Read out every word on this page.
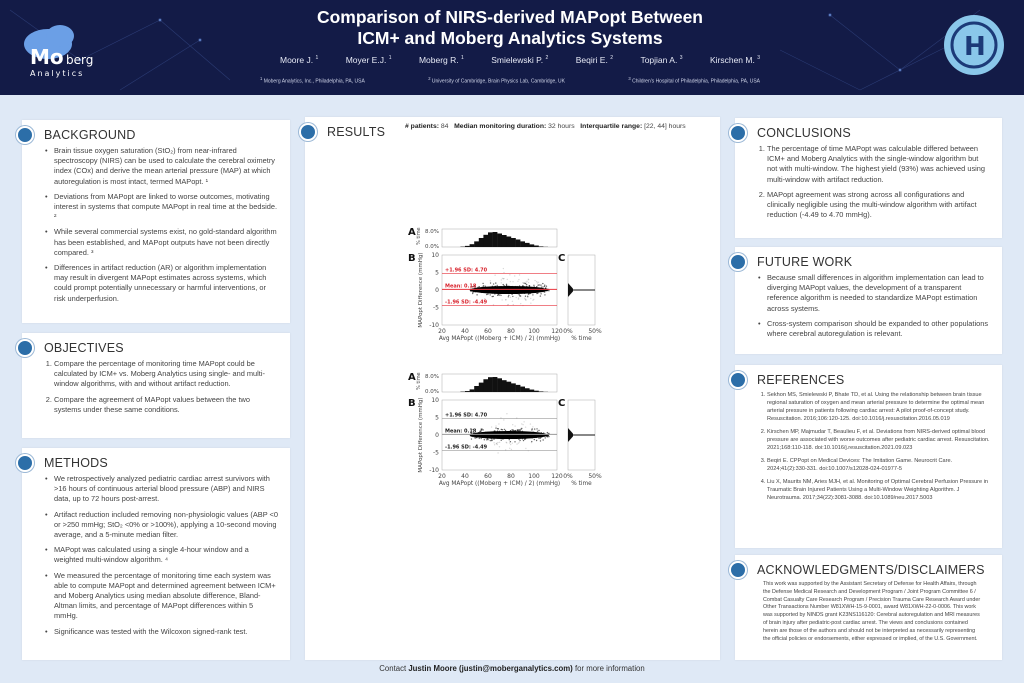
Mo berg
Analytics
H
Comparison of NIRS-derived MAPopt Between
ICM+ and Moberg Analytics Systems
Moore J. $^1$	Moyer E.J. $^1$	Moberg R. $^1$	Smielewski P. $^2$	Beqiri E. $^2$	Topjian A. $^3$	Kirschen M. $^3$
$^1$ Moberg Analytics, Inc., Philadelphia, PA, USA
$^2$ University of Cambridge, Brain Physics Lab, Cambridge, UK
$^3$ Children's Hospital of Philadelphia, Philadelphia, PA, USA
BACKGROUND
• Brain tissue oxygen saturation (StO₂) from near-infrared spectroscopy (NIRS) can be used to calculate the cerebral oximetry index (COx) and derive the mean arterial pressure (MAP) at which autoregulation is most intact, termed MAPopt. ¹
• Deviations from MAPopt are linked to worse outcomes, motivating interest in systems that compute MAPopt in real time at the bedside. ²
• While several commercial systems exist, no gold-standard algorithm has been established, and MAPopt outputs have not been directly compared. ³
• Differences in artifact reduction (AR) or algorithm implementation may result in divergent MAPopt estimates across systems, which could prompt potentially unnecessary or harmful interventions, or risk underperfusion.
OBJECTIVES
1. Compare the percentage of monitoring time MAPopt could be calculated by ICM+ vs. Moberg Analytics using single- and multi-window algorithms, with and without artifact reduction.
2. Compare the agreement of MAPopt values between the two systems under these same conditions.
METHODS
• We retrospectively analyzed pediatric cardiac arrest survivors with >16 hours of continuous arterial blood pressure (ABP) and NIRS data, up to 72 hours post-arrest.
• Artifact reduction included removing non-physiologic values (ABP <0 or >250 mmHg; StO₂ <0% or >100%), applying a 10-second moving average, and a 5-minute median filter.
• MAPopt was calculated using a single 4-hour window and a weighted multi-window algorithm. ⁴
• We measured the percentage of monitoring time each system was able to compute MAPopt and determined agreement between ICM+ and Moberg Analytics using median absolute difference, Bland-Altman limits, and percentage of MAPopt differences within 5 mmHg.
• Significance was tested with the Wilcoxon signed-rank test.
RESULTS	# patients: 84 Median monitoring duration: 32 hours Interquartile range: [22, 44] hours
A
B	C
0.0%
8.0%
% time
+1.96 SD: 4.70
Mean: 0.18
-1.96 SD: -4.49
20	40	60	80 100 120
-10
-5
0
5
10
Avg MAPopt ((Moberg + ICM) / 2) (mmHg)
MAPopt Difference (mmHg)
0%	50%
% time
A
B	C
0.0%
8.0%
% time
+1.96 SD: 4.70
Mean: 0.18
-1.96 SD: -4.49
20	40	60	80 100 120
-10
-5
0
5
10
Avg MAPopt ((Moberg + ICM) / 2) (mmHg)
MAPopt Difference (mmHg)
0%	50%
% time
CONCLUSIONS
1. The percentage of time MAPopt was calculable differed between ICM+ and Moberg Analytics with the single-window algorithm but not with multi-window. The highest yield (93%) was achieved using multi-window with artifact reduction.
2. MAPopt agreement was strong across all configurations and clinically negligible using the multi-window algorithm with artifact reduction (-4.49 to 4.70 mmHg).
FUTURE WORK
• Because small differences in algorithm implementation can lead to diverging MAPopt values, the development of a transparent reference algorithm is needed to standardize MAPopt estimation across systems.
• Cross-system comparison should be expanded to other populations where cerebral autoregulation is relevant.
REFERENCES
1. Sekhon MS, Smielewski P, Bhate TD, et al. Using the relationship between brain tissue regional saturation of oxygen and mean arterial pressure to determine the optimal mean arterial pressure in patients following cardiac arrest: A pilot proof-of-concept study. Resuscitation. 2016;106:120-125. doi:10.1016/j.resuscitation.2016.05.019
2. Kirschen MP, Majmudar T, Beaulieu F, et al. Deviations from NIRS-derived optimal blood pressure are associated with worse outcomes after pediatric cardiac arrest. Resuscitation. 2021;168:110-118. doi:10.1016/j.resuscitation.2021.09.023
3. Beqiri E. CPPopt on Medical Devices: The Imitation Game. Neurocrit Care. 2024;41(2):330-331. doi:10.1007/s12028-024-01977-5
4. Liu X, Maurits NM, Aries MJH, et al. Monitoring of Optimal Cerebral Perfusion Pressure in Traumatic Brain Injured Patients Using a Multi-Window Weighting Algorithm. J Neurotrauma. 2017;34(22):3081-3088. doi:10.1089/neu.2017.5003
ACKNOWLEDGMENTS/DISCLAIMERS
This work was supported by the Assistant Secretary of Defense for Health Affairs, through the Defense Medical Research and Development Program / Joint Program Committee 6 / Combat Casualty Care Research Program / Precision Trauma Care Research Award under Other Transactions Number W81XWH-15-9-0001, award W81XWH-22-0-0006. This work was supported by NINDS grant K23NS116120: Cerebral autoregulation and MRI measures of brain injury after pediatric-post cardiac arrest. The views and conclusions contained herein are those of the authors and should not be interpreted as necessarily representing the official policies or endorsements, either expressed or implied, of the U.S. Government.
Contact Justin Moore (justin@moberganalytics.com) for more information
